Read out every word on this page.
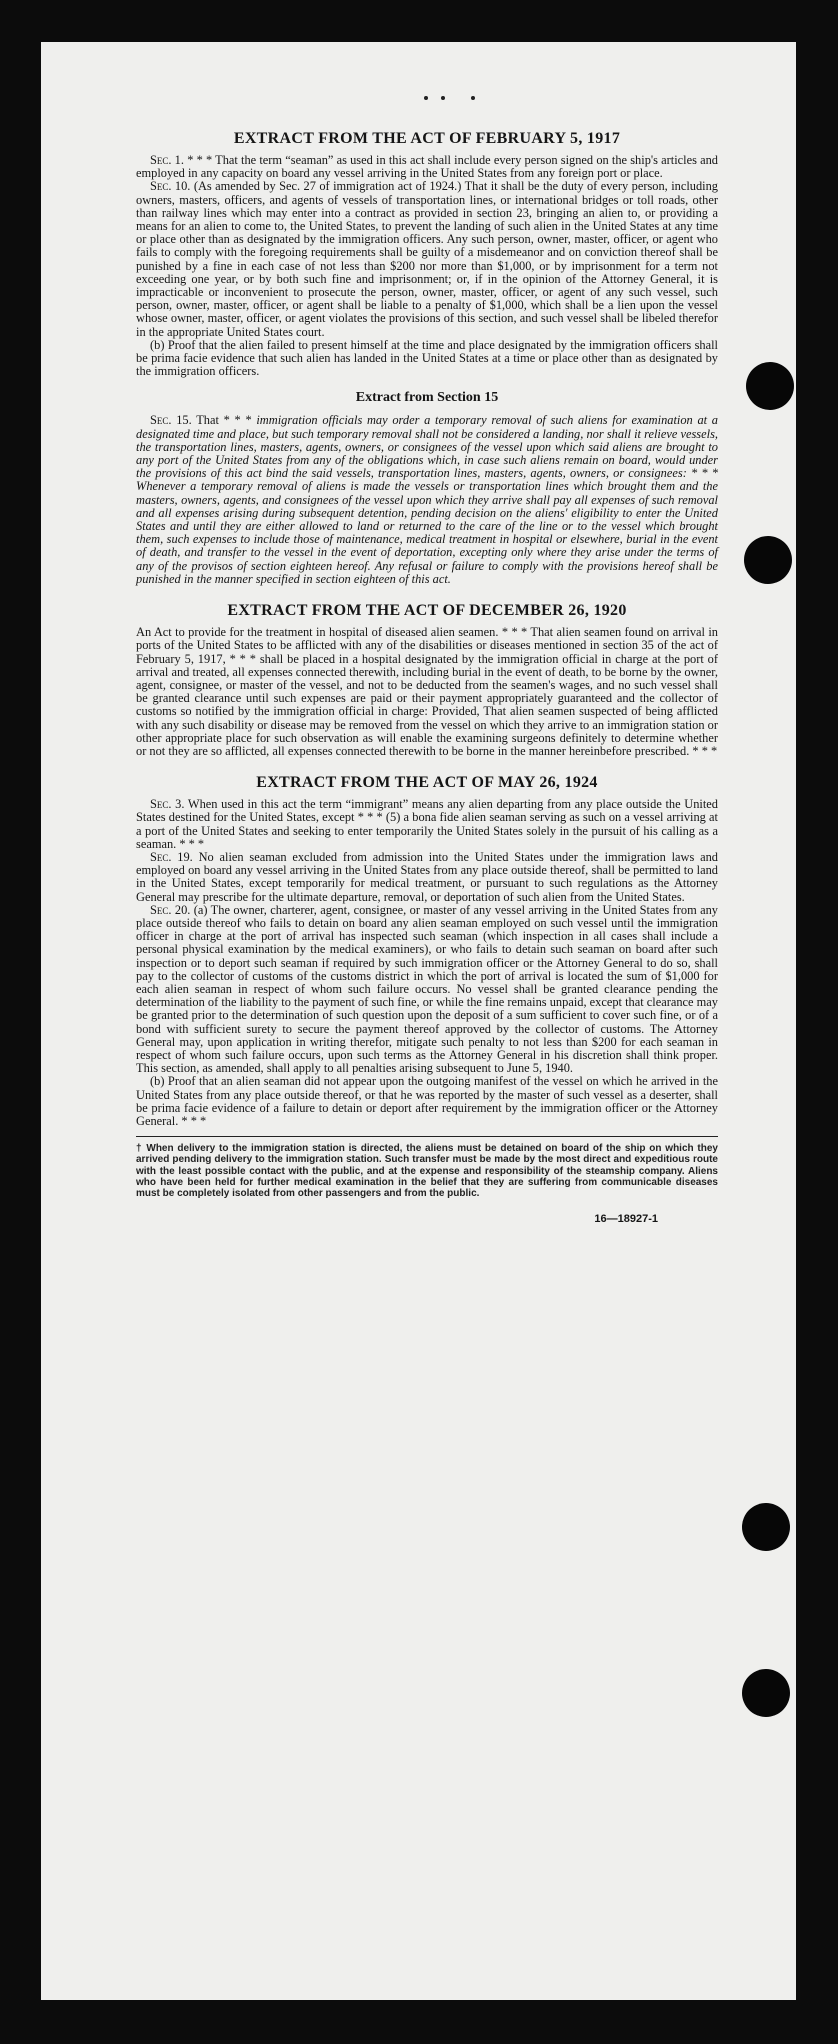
EXTRACT FROM THE ACT OF FEBRUARY 5, 1917

Sec. 1. * * * That the term “seaman” as used in this act shall include every person signed on the ship's articles and employed in any capacity on board any vessel arriving in the United States from any foreign port or place.

Sec. 10. (As amended by Sec. 27 of immigration act of 1924.) That it shall be the duty of every person, including owners, masters, officers, and agents of vessels of transportation lines, or international bridges or toll roads, other than railway lines which may enter into a contract as provided in section 23, bringing an alien to, or providing a means for an alien to come to, the United States, to prevent the landing of such alien in the United States at any time or place other than as designated by the immigration officers. Any such person, owner, master, officer, or agent who fails to comply with the foregoing requirements shall be guilty of a misdemeanor and on conviction thereof shall be punished by a fine in each case of not less than $200 nor more than $1,000, or by imprisonment for a term not exceeding one year, or by both such fine and imprisonment; or, if in the opinion of the Attorney General, it is impracticable or inconvenient to prosecute the person, owner, master, officer, or agent of any such vessel, such person, owner, master, officer, or agent shall be liable to a penalty of $1,000, which shall be a lien upon the vessel whose owner, master, officer, or agent violates the provisions of this section, and such vessel shall be libeled therefor in the appropriate United States court.

(b) Proof that the alien failed to present himself at the time and place designated by the immigration officers shall be prima facie evidence that such alien has landed in the United States at a time or place other than as designated by the immigration officers.

Extract from Section 15

Sec. 15. That * * * immigration officials may order a temporary removal of such aliens for examination at a designated time and place, but such temporary removal shall not be considered a landing, nor shall it relieve vessels, the transportation lines, masters, agents, owners, or consignees of the vessel upon which said aliens are brought to any port of the United States from any of the obligations which, in case such aliens remain on board, would under the provisions of this act bind the said vessels, transportation lines, masters, agents, owners, or consignees: * * * Whenever a temporary removal of aliens is made the vessels or transportation lines which brought them and the masters, owners, agents, and consignees of the vessel upon which they arrive shall pay all expenses of such removal and all expenses arising during subsequent detention, pending decision on the aliens' eligibility to enter the United States and until they are either allowed to land or returned to the care of the line or to the vessel which brought them, such expenses to include those of maintenance, medical treatment in hospital or elsewhere, burial in the event of death, and transfer to the vessel in the event of deportation, excepting only where they arise under the terms of any of the provisos of section eighteen hereof. Any refusal or failure to comply with the provisions hereof shall be punished in the manner specified in section eighteen of this act.

EXTRACT FROM THE ACT OF DECEMBER 26, 1920

An Act to provide for the treatment in hospital of diseased alien seamen. * * * That alien seamen found on arrival in ports of the United States to be afflicted with any of the disabilities or diseases mentioned in section 35 of the act of February 5, 1917, * * * shall be placed in a hospital designated by the immigration official in charge at the port of arrival and treated, all expenses connected therewith, including burial in the event of death, to be borne by the owner, agent, consignee, or master of the vessel, and not to be deducted from the seamen's wages, and no such vessel shall be granted clearance until such expenses are paid or their payment appropriately guaranteed and the collector of customs so notified by the immigration official in charge: Provided, That alien seamen suspected of being afflicted with any such disability or disease may be removed from the vessel on which they arrive to an immigration station or other appropriate place for such observation as will enable the examining surgeons definitely to determine whether or not they are so afflicted, all expenses connected therewith to be borne in the manner hereinbefore prescribed. * * *

EXTRACT FROM THE ACT OF MAY 26, 1924

Sec. 3. When used in this act the term “immigrant” means any alien departing from any place outside the United States destined for the United States, except * * * (5) a bona fide alien seaman serving as such on a vessel arriving at a port of the United States and seeking to enter temporarily the United States solely in the pursuit of his calling as a seaman. * * *

Sec. 19. No alien seaman excluded from admission into the United States under the immigration laws and employed on board any vessel arriving in the United States from any place outside thereof, shall be permitted to land in the United States, except temporarily for medical treatment, or pursuant to such regulations as the Attorney General may prescribe for the ultimate departure, removal, or deportation of such alien from the United States.

Sec. 20. (a) The owner, charterer, agent, consignee, or master of any vessel arriving in the United States from any place outside thereof who fails to detain on board any alien seaman employed on such vessel until the immigration officer in charge at the port of arrival has inspected such seaman (which inspection in all cases shall include a personal physical examination by the medical examiners), or who fails to detain such seaman on board after such inspection or to deport such seaman if required by such immigration officer or the Attorney General to do so, shall pay to the collector of customs of the customs district in which the port of arrival is located the sum of $1,000 for each alien seaman in respect of whom such failure occurs. No vessel shall be granted clearance pending the determination of the liability to the payment of such fine, or while the fine remains unpaid, except that clearance may be granted prior to the determination of such question upon the deposit of a sum sufficient to cover such fine, or of a bond with sufficient surety to secure the payment thereof approved by the collector of customs. The Attorney General may, upon application in writing therefor, mitigate such penalty to not less than $200 for each seaman in respect of whom such failure occurs, upon such terms as the Attorney General in his discretion shall think proper. This section, as amended, shall apply to all penalties arising subsequent to June 5, 1940.

(b) Proof that an alien seaman did not appear upon the outgoing manifest of the vessel on which he arrived in the United States from any place outside thereof, or that he was reported by the master of such vessel as a deserter, shall be prima facie evidence of a failure to detain or deport after requirement by the immigration officer or the Attorney General. * * *

† When delivery to the immigration station is directed, the aliens must be detained on board of the ship on which they arrived pending delivery to the immigration station. Such transfer must be made by the most direct and expeditious route with the least possible contact with the public, and at the expense and responsibility of the steamship company. Aliens who have been held for further medical examination in the belief that they are suffering from communicable diseases must be completely isolated from other passengers and from the public.
16—18927-1
